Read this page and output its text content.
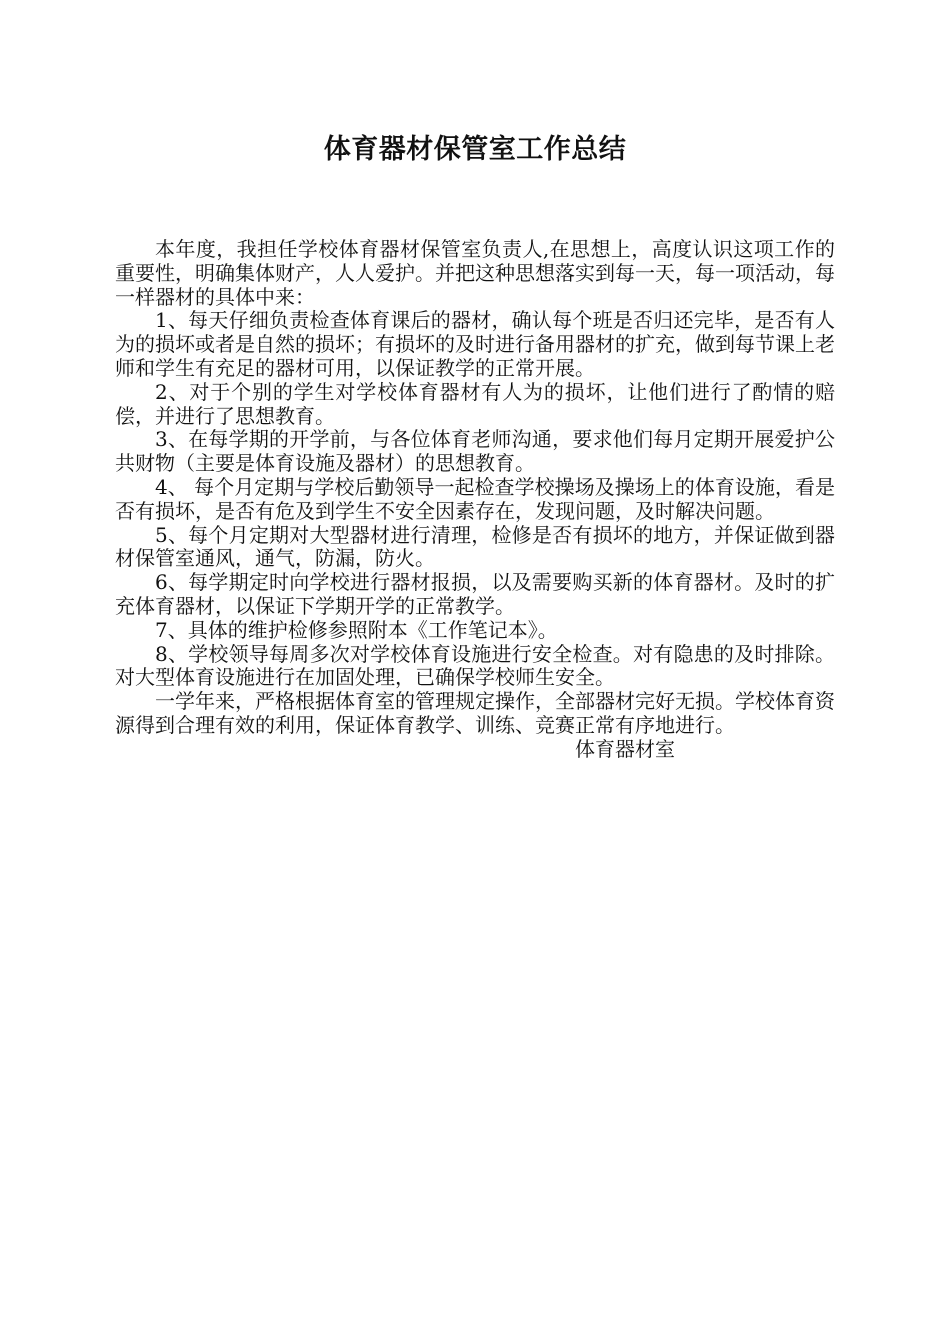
体育器材保管室工作总结

本年度，我担任学校体育器材保管室负责人,在思想上，高度认识这项工作的重要性，明确集体财产，人人爱护。并把这种思想落实到每一天，每一项活动，每一样器材的具体中来：

1、每天仔细负责检查体育课后的器材，确认每个班是否归还完毕，是否有人为的损坏或者是自然的损坏；有损坏的及时进行备用器材的扩充，做到每节课上老师和学生有充足的器材可用，以保证教学的正常开展。

2、对于个别的学生对学校体育器材有人为的损坏，让他们进行了酌情的赔偿，并进行了思想教育。

3、在每学期的开学前，与各位体育老师沟通，要求他们每月定期开展爱护公共财物（主要是体育设施及器材）的思想教育。

4、 每个月定期与学校后勤领导一起检查学校操场及操场上的体育设施，看是否有损坏，是否有危及到学生不安全因素存在，发现问题，及时解决问题。

5、每个月定期对大型器材进行清理，检修是否有损坏的地方，并保证做到器材保管室通风，通气，防漏，防火。

6、每学期定时向学校进行器材报损，以及需要购买新的体育器材。及时的扩充体育器材，以保证下学期开学的正常教学。

7、具体的维护检修参照附本《工作笔记本》。

8、学校领导每周多次对学校体育设施进行安全检查。对有隐患的及时排除。对大型体育设施进行在加固处理，已确保学校师生安全。

一学年来，严格根据体育室的管理规定操作，全部器材完好无损。学校体育资源得到合理有效的利用，保证体育教学、训练、竞赛正常有序地进行。

体育器材室
